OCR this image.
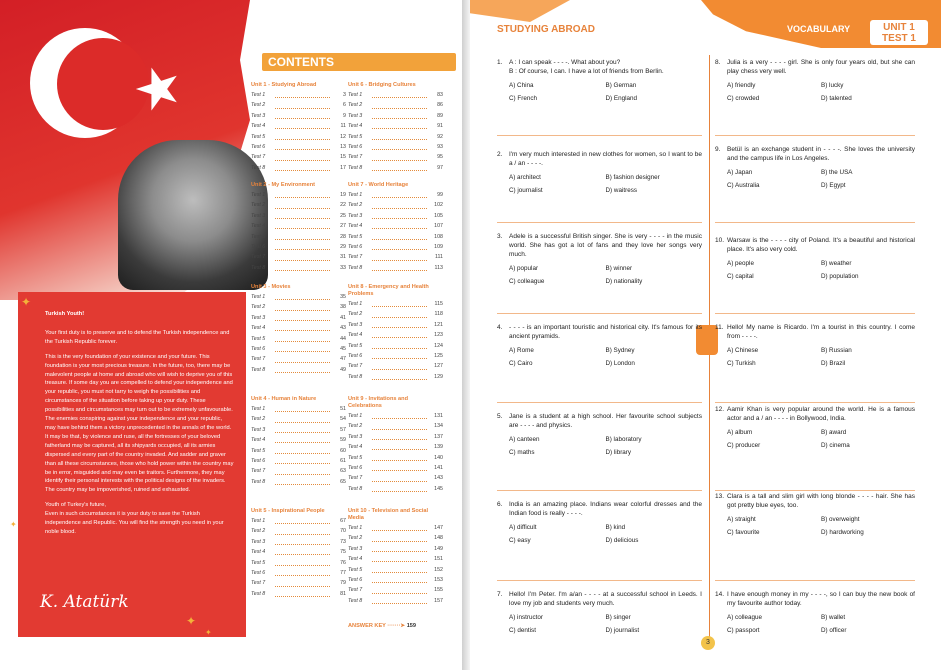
★
Turkish Youth!

Your first duty is to preserve and to defend the Turkish independence and the Turkish Republic forever.

This is the very foundation of your existence and your future. This foundation is your most precious treasure. In the future, too, there may be malevolent people at home and abroad who will wish to deprive you of this treasure. If some day you are compelled to defend your independence and your republic, you must not tarry to weigh the possibilities and circumstances of the situation before taking up your duty. These possibilities and circumstances may turn out to be extremely unfavourable. The enemies conspiring against your independence and your republic, may have behind them a victory unprecedented in the annals of the world. It may be that, by violence and ruse, all the fortresses of your beloved fatherland may be captured, all its shipyards occupied, all its armies dispersed and every part of the country invaded. And sadder and graver than all these circumstances, those who hold power within the country may be in error, misguided and may even be traitors. Furthermore, they may identify their personal interests with the political designs of the invaders. The country may be impoverished, ruined and exhausted.

Youth of Turkey's future,

Even in such circumstances it is your duty to save the Turkish independence and Republic. You will find the strength you need in your noble blood.

K. Atatürk
✦
✦
✦
✦
CONTENTS
Unit 1 - Studying Abroad
Test 1	3
Test 2	6
Test 3	9
Test 4	11
Test 5	12
Test 6	13
Test 7	15
Test 8	17
Unit 2 - My Environment
Test 1	19
Test 2	22
Test 3	25
Test 4	27
Test 5	28
Test 6	29
Test 7	31
Test 8	33
Unit 3 - Movies
Test 1	35
Test 2	38
Test 3	41
Test 4	43
Test 5	44
Test 6	45
Test 7	47
Test 8	49
Unit 4 - Human in Nature
Test 1	51
Test 2	54
Test 3	57
Test 4	59
Test 5	60
Test 6	61
Test 7	63
Test 8	65
Unit 5 - Inspirational People
Test 1	67
Test 2	70
Test 3	73
Test 4	75
Test 5	76
Test 6	77
Test 7	79
Test 8	81
Unit 6 - Bridging Cultures
Test 1	83
Test 2	86
Test 3	89
Test 4	91
Test 5	92
Test 6	93
Test 7	95
Test 8	97
Unit 7 - World Heritage
Test 1	99
Test 2	102
Test 3	105
Test 4	107
Test 5	108
Test 6	109
Test 7	111
Test 8	113
Unit 8 - Emergency and Health Problems
Test 1	115
Test 2	118
Test 3	121
Test 4	123
Test 5	124
Test 6	125
Test 7	127
Test 8	129
Unit 9 - Invitations and Celebrations
Test 1	131
Test 2	134
Test 3	137
Test 4	139
Test 5	140
Test 6	141
Test 7	143
Test 8	145
Unit 10 - Television and Social Media
Test 1	147
Test 2	148
Test 3	149
Test 4	151
Test 5	152
Test 6	153
Test 7	155
Test 8	157
ANSWER KEY ·······➤ 159
STUDYING ABROAD	VOCABULARY	UNIT 1
TEST 1
1.	A : I can speak - - - -. What about you?
B : Of course, I can. I have a lot of friends from Berlin.
A) China	B) German
C) French	D) England
2.	I'm very much interested in new clothes for women, so I want to be a / an - - - -.
A) architect	B) fashion designer
C) journalist	D) waitress
3.	Adele is a successful British singer. She is very - - - - in the music world. She has got a lot of fans and they love her songs very much.
A) popular	B) winner
C) colleague	D) nationality
4.	- - - - is an important touristic and historical city. It's famous for its ancient pyramids.
A) Rome	B) Sydney
C) Cairo	D) London
5.	Jane is a student at a high school. Her favourite school subjects are - - - - and physics.
A) canteen	B) laboratory
C) maths	D) library
6.	India is an amazing place. Indians wear colorful dresses and the Indian food is really - - - -.
A) difficult	B) kind
C) easy	D) delicious
7.	Hello! I'm Peter. I'm a/an - - - - at a successful school in Leeds. I love my job and students very much.
A) instructor	B) singer
C) dentist	D) journalist
8.	Julia is a very - - - - girl. She is only four years old, but she can play chess very well.
A) friendly	B) lucky
C) crowded	D) talented
9.	Betül is an exchange student in - - - -. She loves the university and the campus life in Los Angeles.
A) Japan	B) the USA
C) Australia	D) Egypt
10. Warsaw is the - - - - city of Poland. It's a beautiful and historical place. It's also very cold.
A) people	B) weather
C) capital	D) population
11. Hello! My name is Ricardo. I'm a tourist in this country. I come from - - - -.
A) Chinese	B) Russian
C) Turkish	D) Brazil
12. Aamir Khan is very popular around the world. He is a famous actor and a / an - - - - in Bollywood, India.
A) album	B) award
C) producer	D) cinema
13. Clara is a tall and slim girl with long blonde - - - - hair. She has got pretty blue eyes, too.
A) straight	B) overweight
C) favourite	D) hardworking
14. I have enough money in my - - - -, so I can buy the new book of my favourite author today.
A) colleague	B) wallet
C) passport	D) officer
3
